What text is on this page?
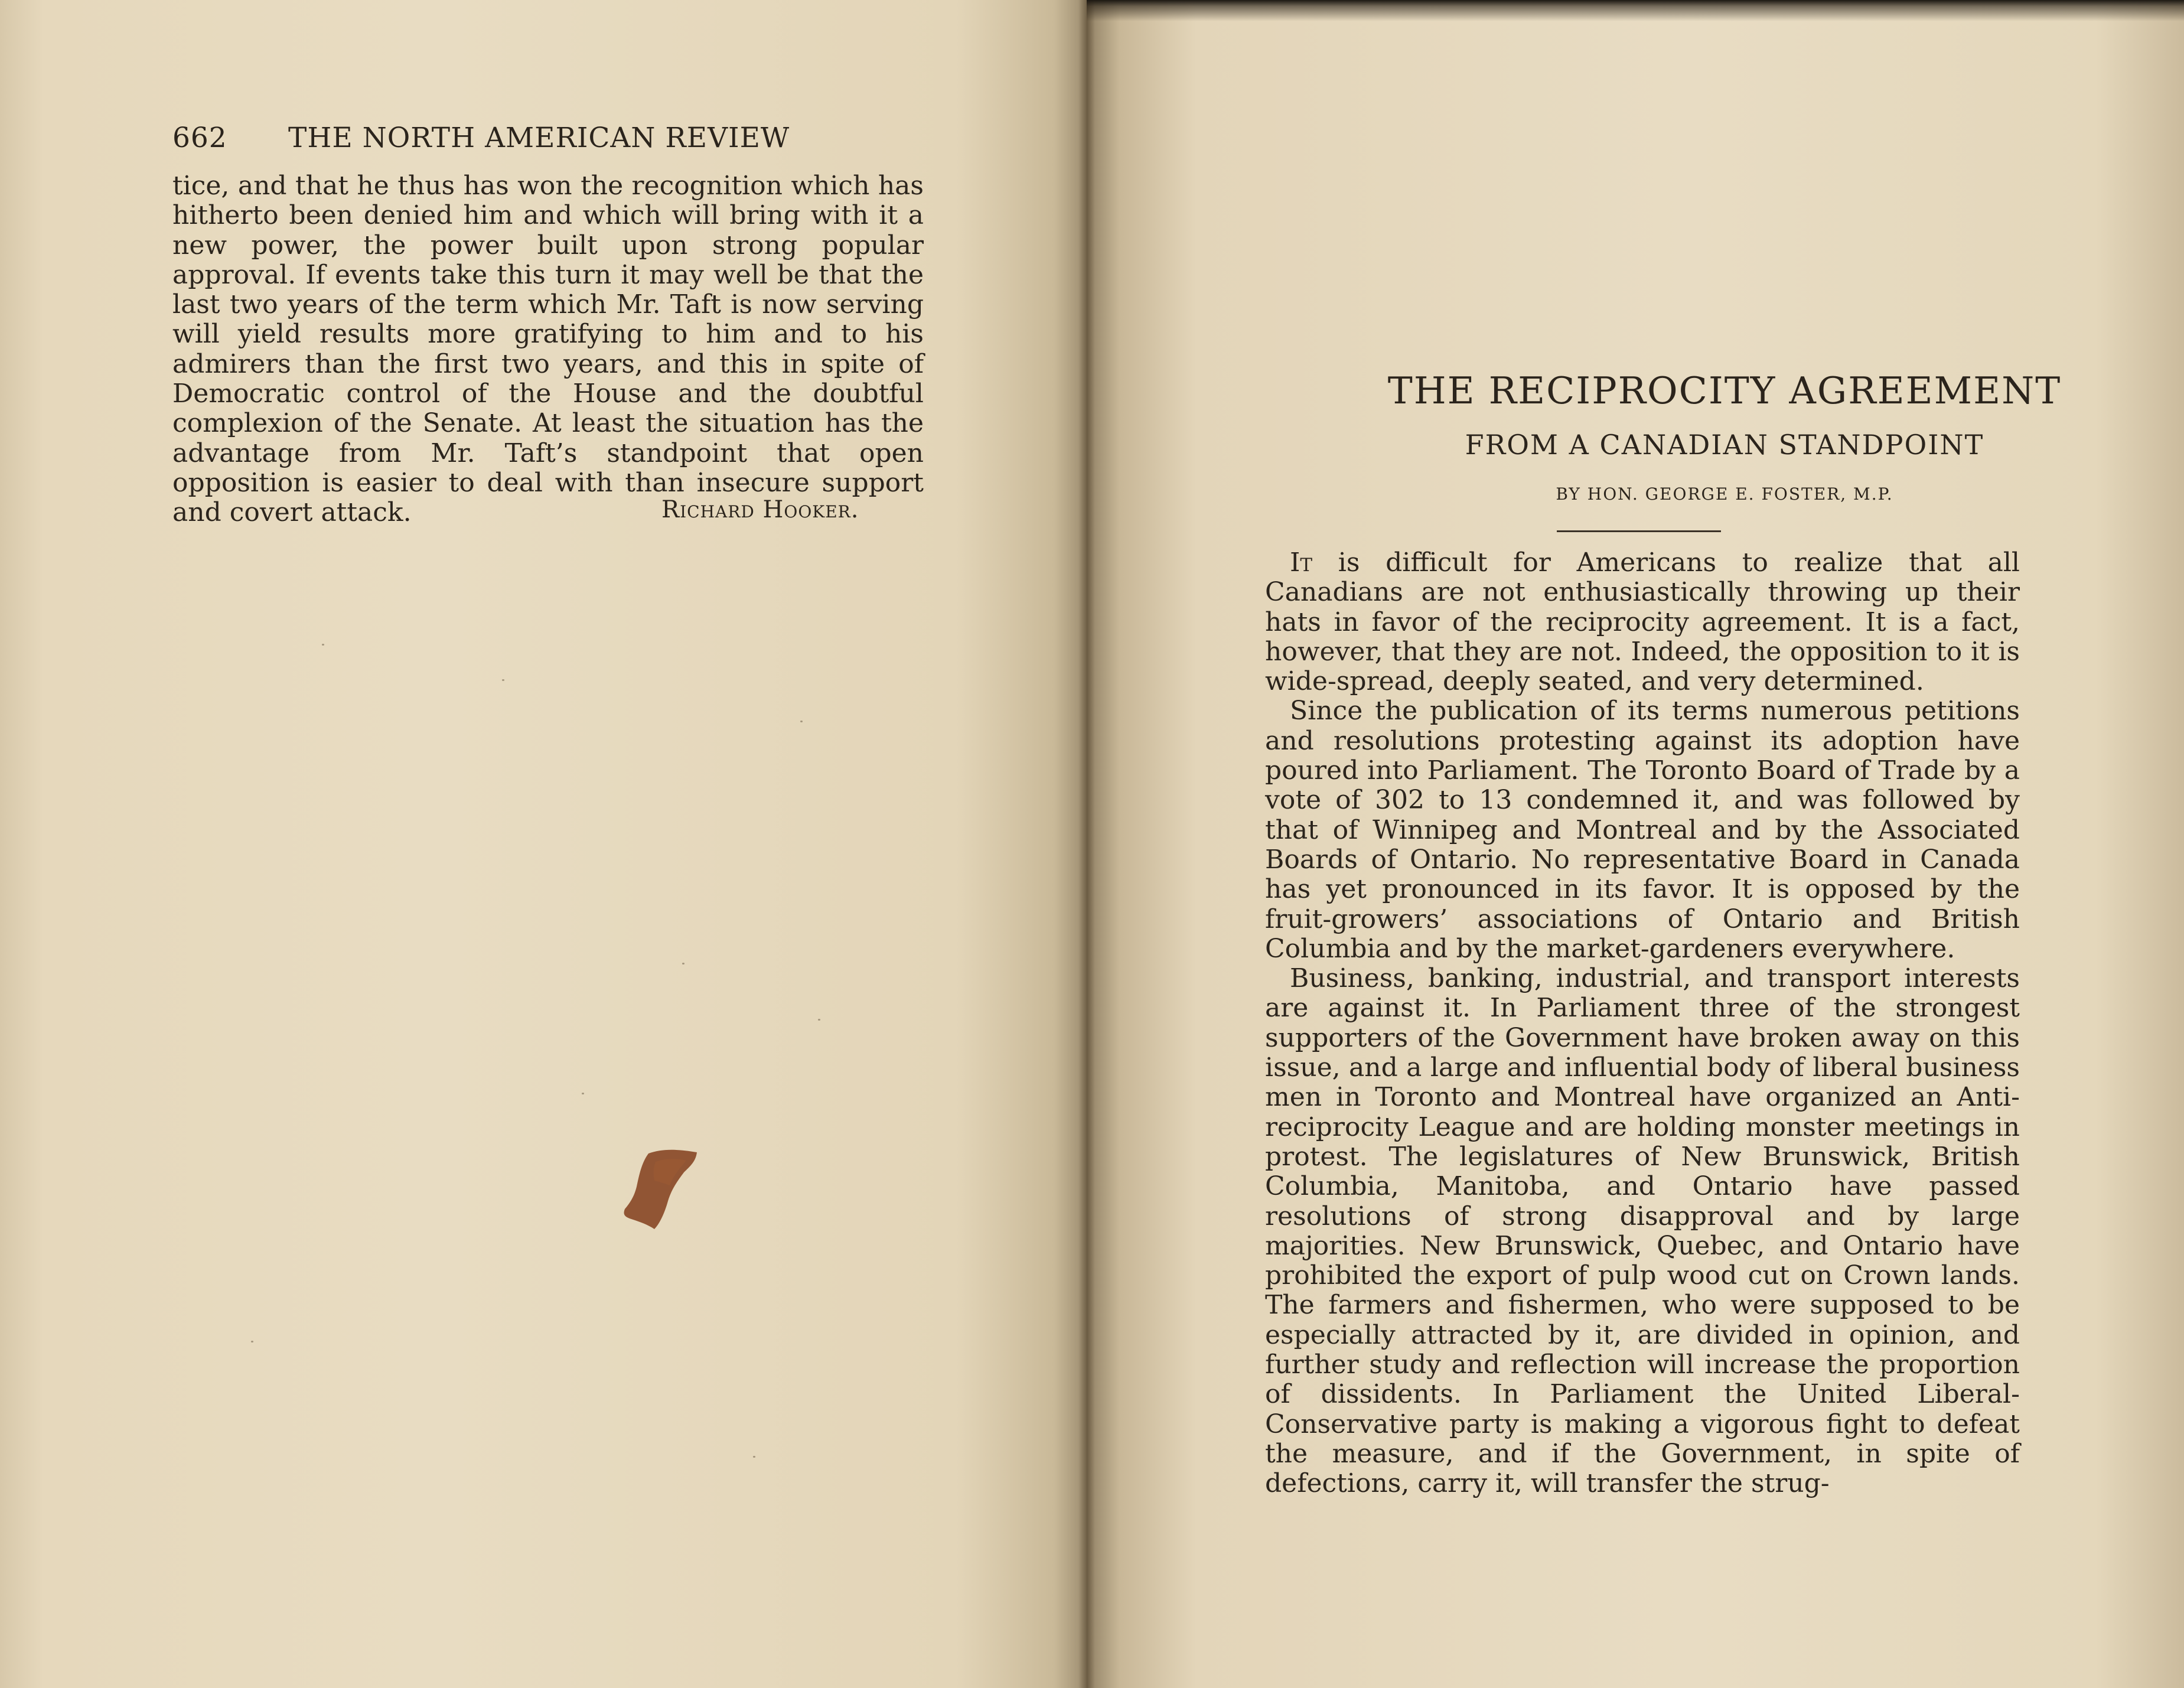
662 THE NORTH AMERICAN REVIEW

tice, and that he thus has won the recognition which has hitherto been denied him and which will bring with it a new power, the power built upon strong popular approval. If events take this turn it may well be that the last two years of the term which Mr. Taft is now serving will yield results more gratifying to him and to his admirers than the first two years, and this in spite of Democratic control of the House and the doubtful complexion of the Senate. At least the situation has the advantage from Mr. Taft’s standpoint that open opposition is easier to deal with than insecure support and covert attack.	Richard Hooker.
THE RECIPROCITY AGREEMENT
FROM A CANADIAN STANDPOINT
BY HON. GEORGE E. FOSTER, M.P.

It is difficult for Americans to realize that all Canadians are not enthusiastically throwing up their hats in favor of the reciprocity agreement. It is a fact, however, that they are not. Indeed, the opposition to it is wide-spread, deeply seated, and very determined.

Since the publication of its terms numerous petitions and resolutions protesting against its adoption have poured into Parliament. The Toronto Board of Trade by a vote of 302 to 13 condemned it, and was followed by that of Winnipeg and Montreal and by the Associated Boards of Ontario. No representative Board in Canada has yet pronounced in its favor. It is opposed by the fruit-growers’ associations of Ontario and British Columbia and by the market-gardeners everywhere.

Business, banking, industrial, and transport interests are against it. In Parliament three of the strongest supporters of the Government have broken away on this issue, and a large and influential body of liberal business men in Toronto and Montreal have organized an Anti-reciprocity League and are holding monster meetings in protest. The legislatures of New Brunswick, British Columbia, Manitoba, and Ontario have passed resolutions of strong disapproval and by large majorities. New Brunswick, Quebec, and Ontario have prohibited the export of pulp wood cut on Crown lands. The farmers and fishermen, who were supposed to be especially attracted by it, are divided in opinion, and further study and reflection will increase the proportion of dissidents. In Parliament the United Liberal-Conservative party is making a vigorous fight to defeat the measure, and if the Government, in spite of defections, carry it, will transfer the strug-
